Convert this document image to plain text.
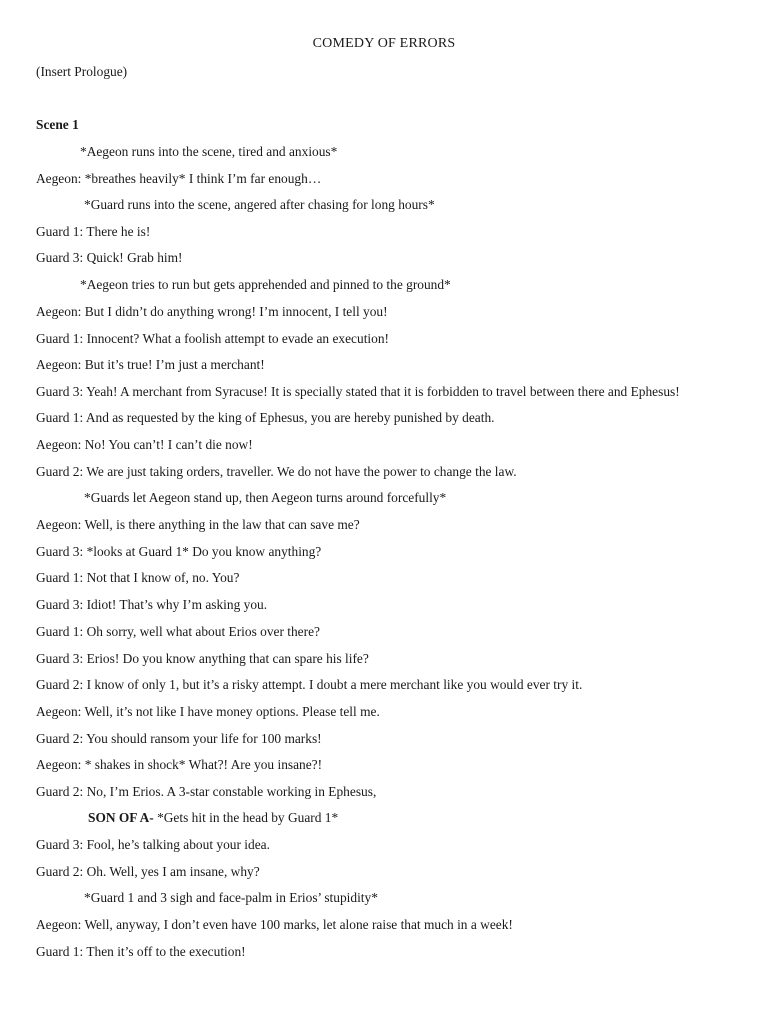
COMEDY OF ERRORS
(Insert Prologue)
Scene 1
*Aegeon runs into the scene, tired and anxious*
Aegeon: *breathes heavily* I think I’m far enough…
*Guard runs into the scene, angered after chasing for long hours*
Guard 1: There he is!
Guard 3: Quick! Grab him!
*Aegeon tries to run but gets apprehended and pinned to the ground*
Aegeon: But I didn’t do anything wrong! I’m innocent, I tell you!
Guard 1: Innocent? What a foolish attempt to evade an execution!
Aegeon: But it’s true! I’m just a merchant!
Guard 3: Yeah! A merchant from Syracuse! It is specially stated that it is forbidden to travel between there and Ephesus!
Guard 1: And as requested by the king of Ephesus, you are hereby punished by death.
Aegeon: No! You can’t! I can’t die now!
Guard 2: We are just taking orders, traveller. We do not have the power to change the law.
*Guards let Aegeon stand up, then Aegeon turns around forcefully*
Aegeon: Well, is there anything in the law that can save me?
Guard 3: *looks at Guard 1* Do you know anything?
Guard 1: Not that I know of, no. You?
Guard 3: Idiot! That’s why I’m asking you.
Guard 1: Oh sorry, well what about Erios over there?
Guard 3: Erios! Do you know anything that can spare his life?
Guard 2: I know of only 1, but it’s a risky attempt. I doubt a mere merchant like you would ever try it.
Aegeon: Well, it’s not like I have money options. Please tell me.
Guard 2: You should ransom your life for 100 marks!
Aegeon: * shakes in shock* What?! Are you insane?!
Guard 2: No, I’m Erios. A 3-star constable working in Ephesus,
SON OF A- *Gets hit in the head by Guard 1*
Guard 3: Fool, he’s talking about your idea.
Guard 2: Oh. Well, yes I am insane, why?
*Guard 1 and 3 sigh and face-palm in Erios’ stupidity*
Aegeon: Well, anyway, I don’t even have 100 marks, let alone raise that much in a week!
Guard 1: Then it’s off to the execution!
